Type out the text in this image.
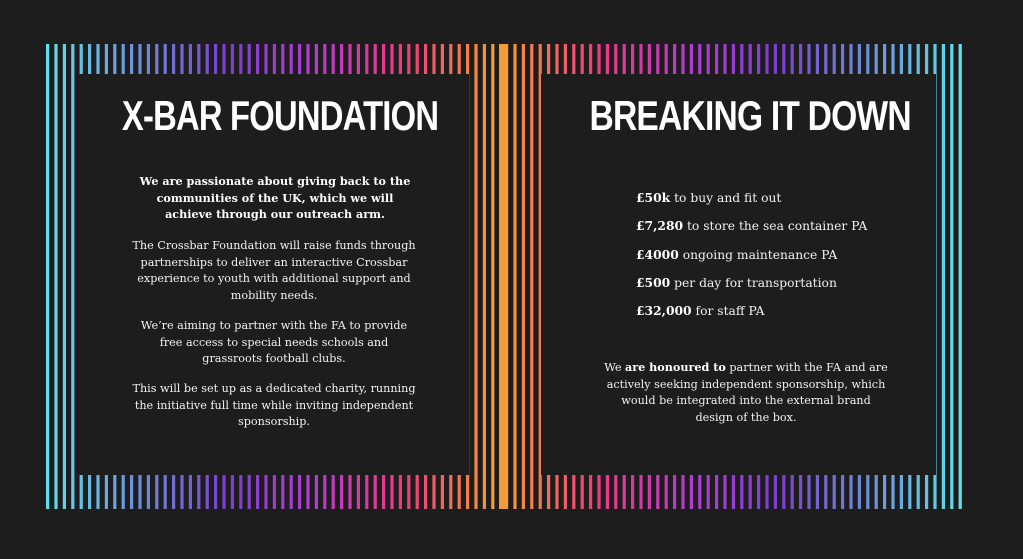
X-BAR FOUNDATION

We are passionate about giving back to the communities of the UK, which we will achieve through our outreach arm.

The Crossbar Foundation will raise funds through partnerships to deliver an interactive Crossbar experience to youth with additional support and mobility needs.

We’re aiming to partner with the FA to provide free access to special needs schools and grassroots football clubs.

This will be set up as a dedicated charity, running the initiative full time while inviting independent sponsorship.

BREAKING IT DOWN
£50k to buy and fit out
£7,280 to store the sea container PA
£4000 ongoing maintenance PA
£500 per day for transportation
£32,000 for staff PA

We are honoured to partner with the FA and are actively seeking independent sponsorship, which would be integrated into the external brand design of the box.
